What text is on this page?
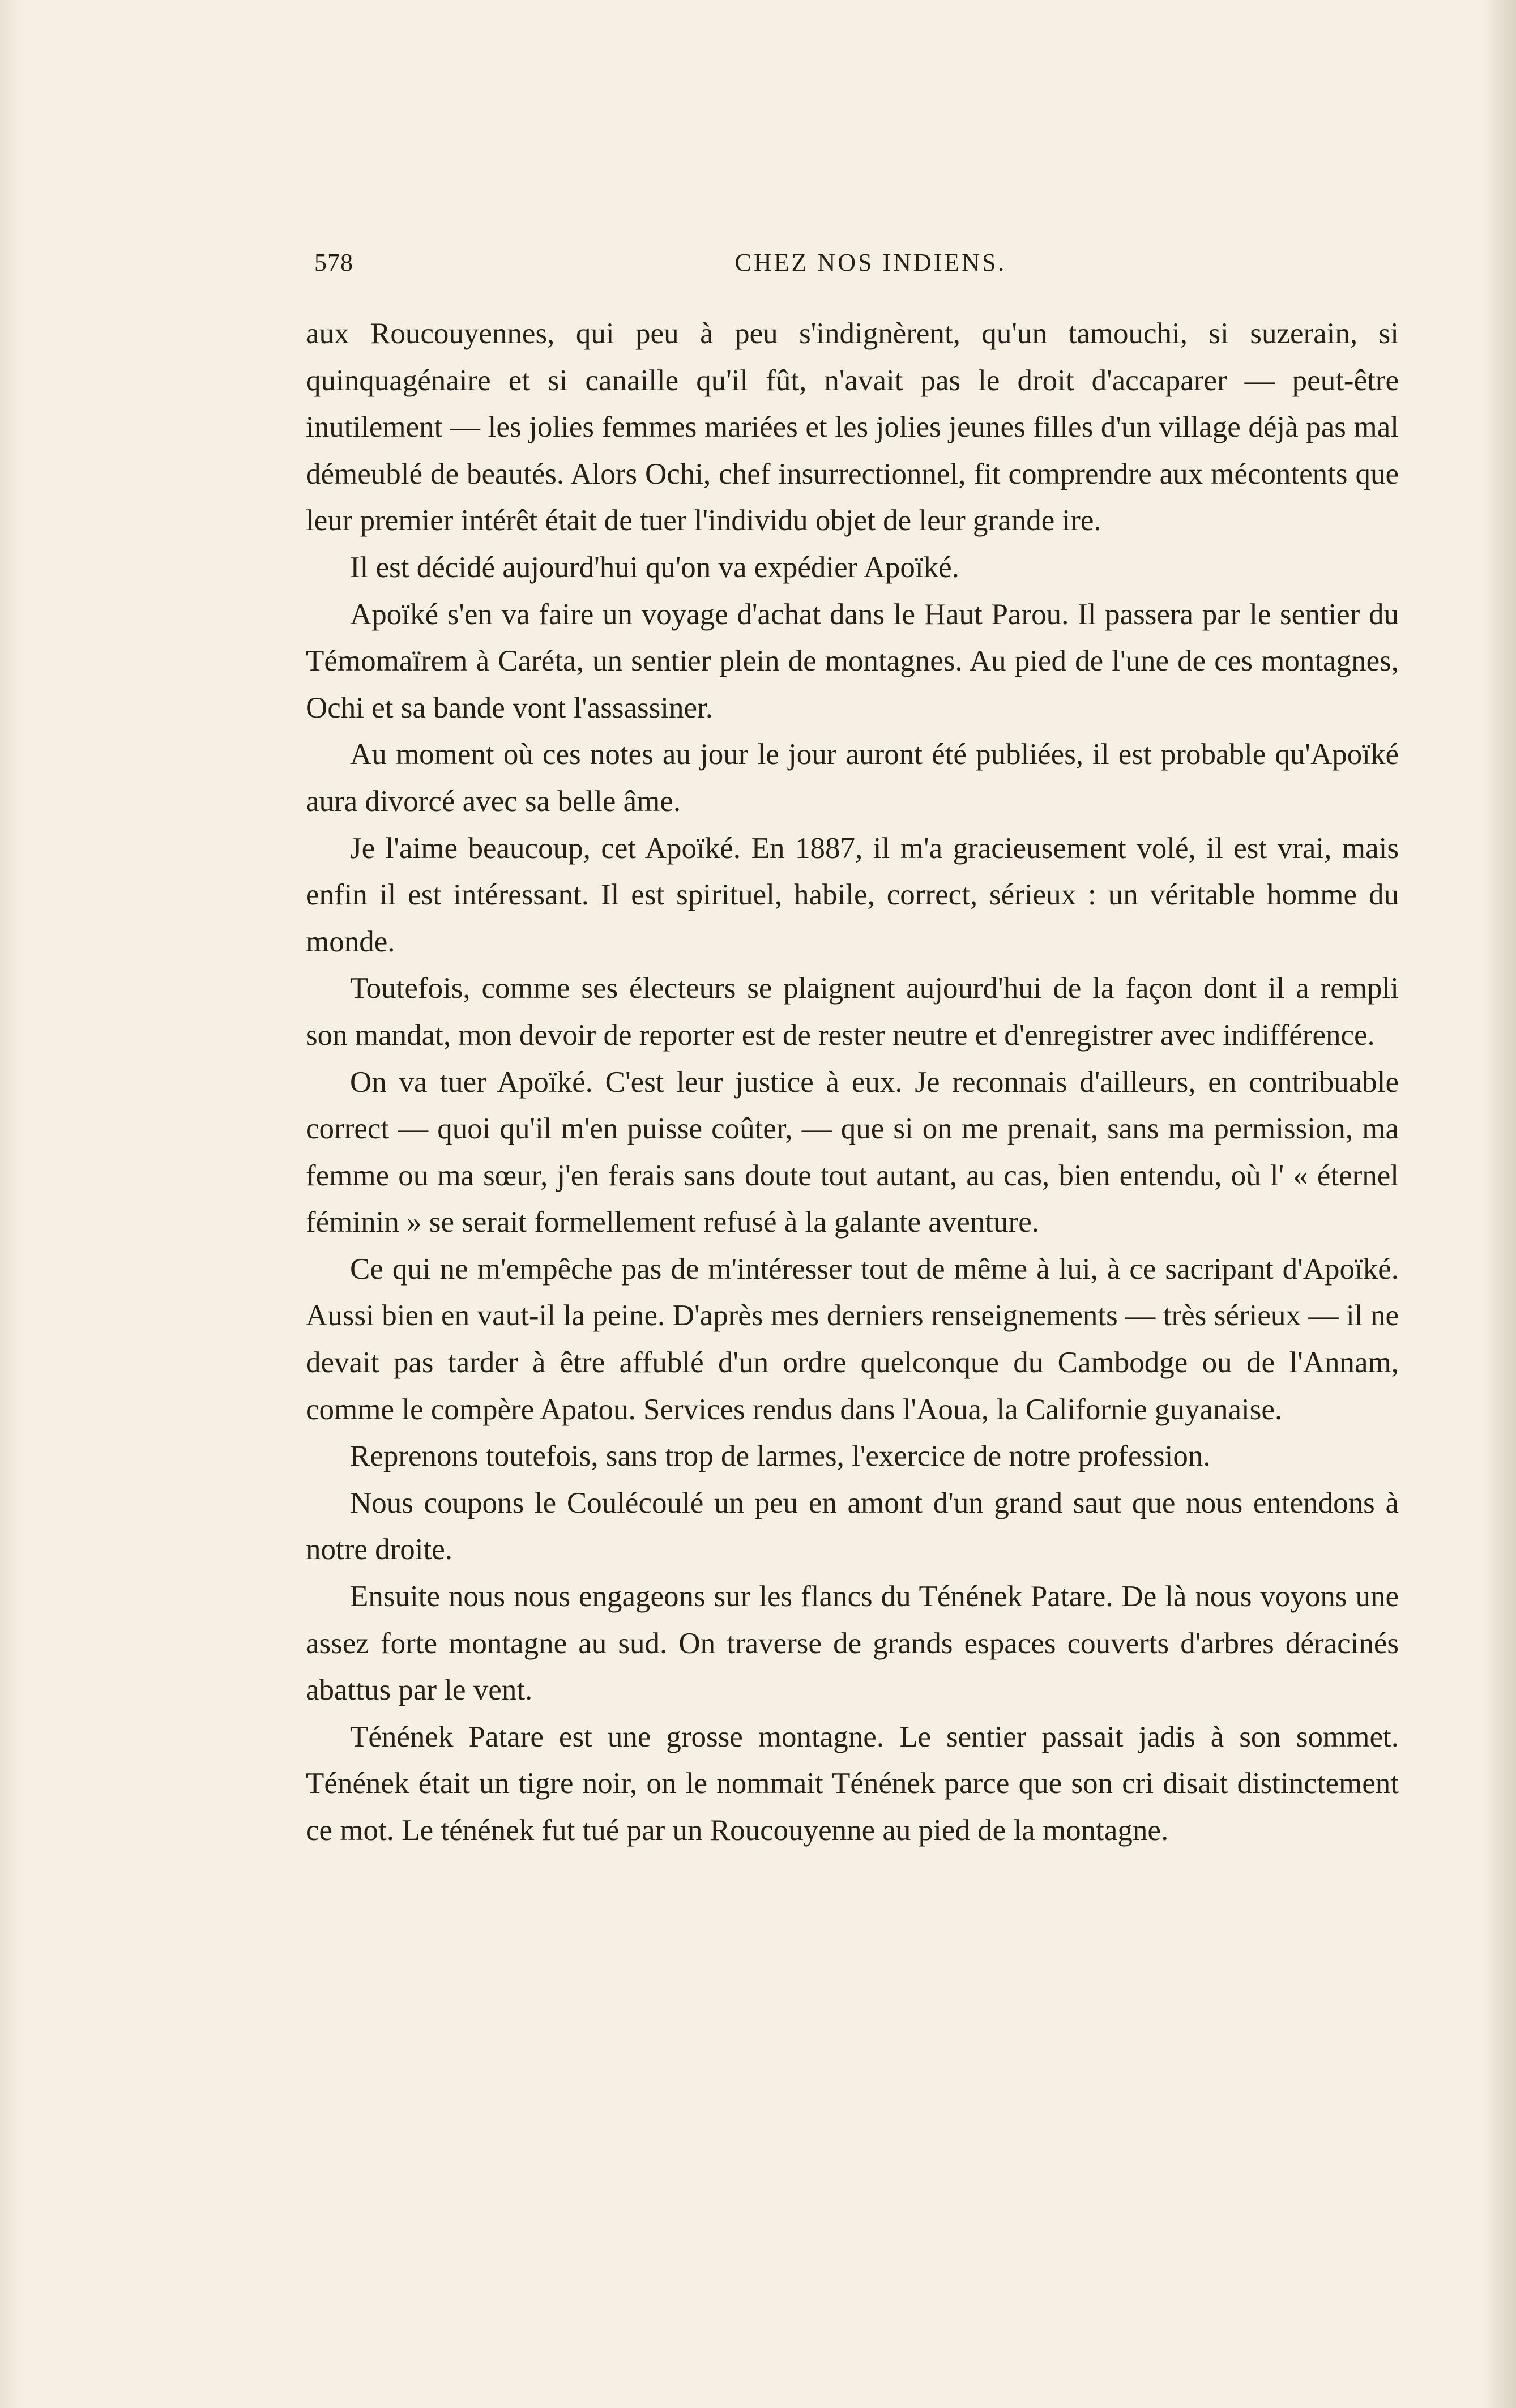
578	CHEZ NOS INDIENS.

aux Roucouyennes, qui peu à peu s'indignèrent, qu'un tamouchi, si suzerain, si quinquagénaire et si canaille qu'il fût, n'avait pas le droit d'accaparer — peut-être inutilement — les jolies femmes mariées et les jolies jeunes filles d'un village déjà pas mal démeublé de beautés. Alors Ochi, chef insurrectionnel, fit comprendre aux mécontents que leur premier intérêt était de tuer l'individu objet de leur grande ire.

Il est décidé aujourd'hui qu'on va expédier Apoïké.

Apoïké s'en va faire un voyage d'achat dans le Haut Parou. Il passera par le sentier du Témomaïrem à Caréta, un sentier plein de montagnes. Au pied de l'une de ces montagnes, Ochi et sa bande vont l'assassiner.

Au moment où ces notes au jour le jour auront été publiées, il est probable qu'Apoïké aura divorcé avec sa belle âme.

Je l'aime beaucoup, cet Apoïké. En 1887, il m'a gracieusement volé, il est vrai, mais enfin il est intéressant. Il est spirituel, habile, correct, sérieux : un véritable homme du monde.

Toutefois, comme ses électeurs se plaignent aujourd'hui de la façon dont il a rempli son mandat, mon devoir de reporter est de rester neutre et d'enregistrer avec indifférence.

On va tuer Apoïké. C'est leur justice à eux. Je reconnais d'ailleurs, en contribuable correct — quoi qu'il m'en puisse coûter, — que si on me prenait, sans ma permission, ma femme ou ma sœur, j'en ferais sans doute tout autant, au cas, bien entendu, où l' « éternel féminin » se serait formellement refusé à la galante aventure.

Ce qui ne m'empêche pas de m'intéresser tout de même à lui, à ce sacripant d'Apoïké. Aussi bien en vaut-il la peine. D'après mes derniers renseignements — très sérieux — il ne devait pas tarder à être affublé d'un ordre quelconque du Cambodge ou de l'Annam, comme le compère Apatou. Services rendus dans l'Aoua, la Californie guyanaise.

Reprenons toutefois, sans trop de larmes, l'exercice de notre profession.

Nous coupons le Coulécoulé un peu en amont d'un grand saut que nous entendons à notre droite.

Ensuite nous nous engageons sur les flancs du Ténének Patare. De là nous voyons une assez forte montagne au sud. On traverse de grands espaces couverts d'arbres déracinés abattus par le vent.

Ténének Patare est une grosse montagne. Le sentier passait jadis à son sommet. Ténének était un tigre noir, on le nommait Ténének parce que son cri disait distinctement ce mot. Le ténének fut tué par un Roucouyenne au pied de la montagne.
